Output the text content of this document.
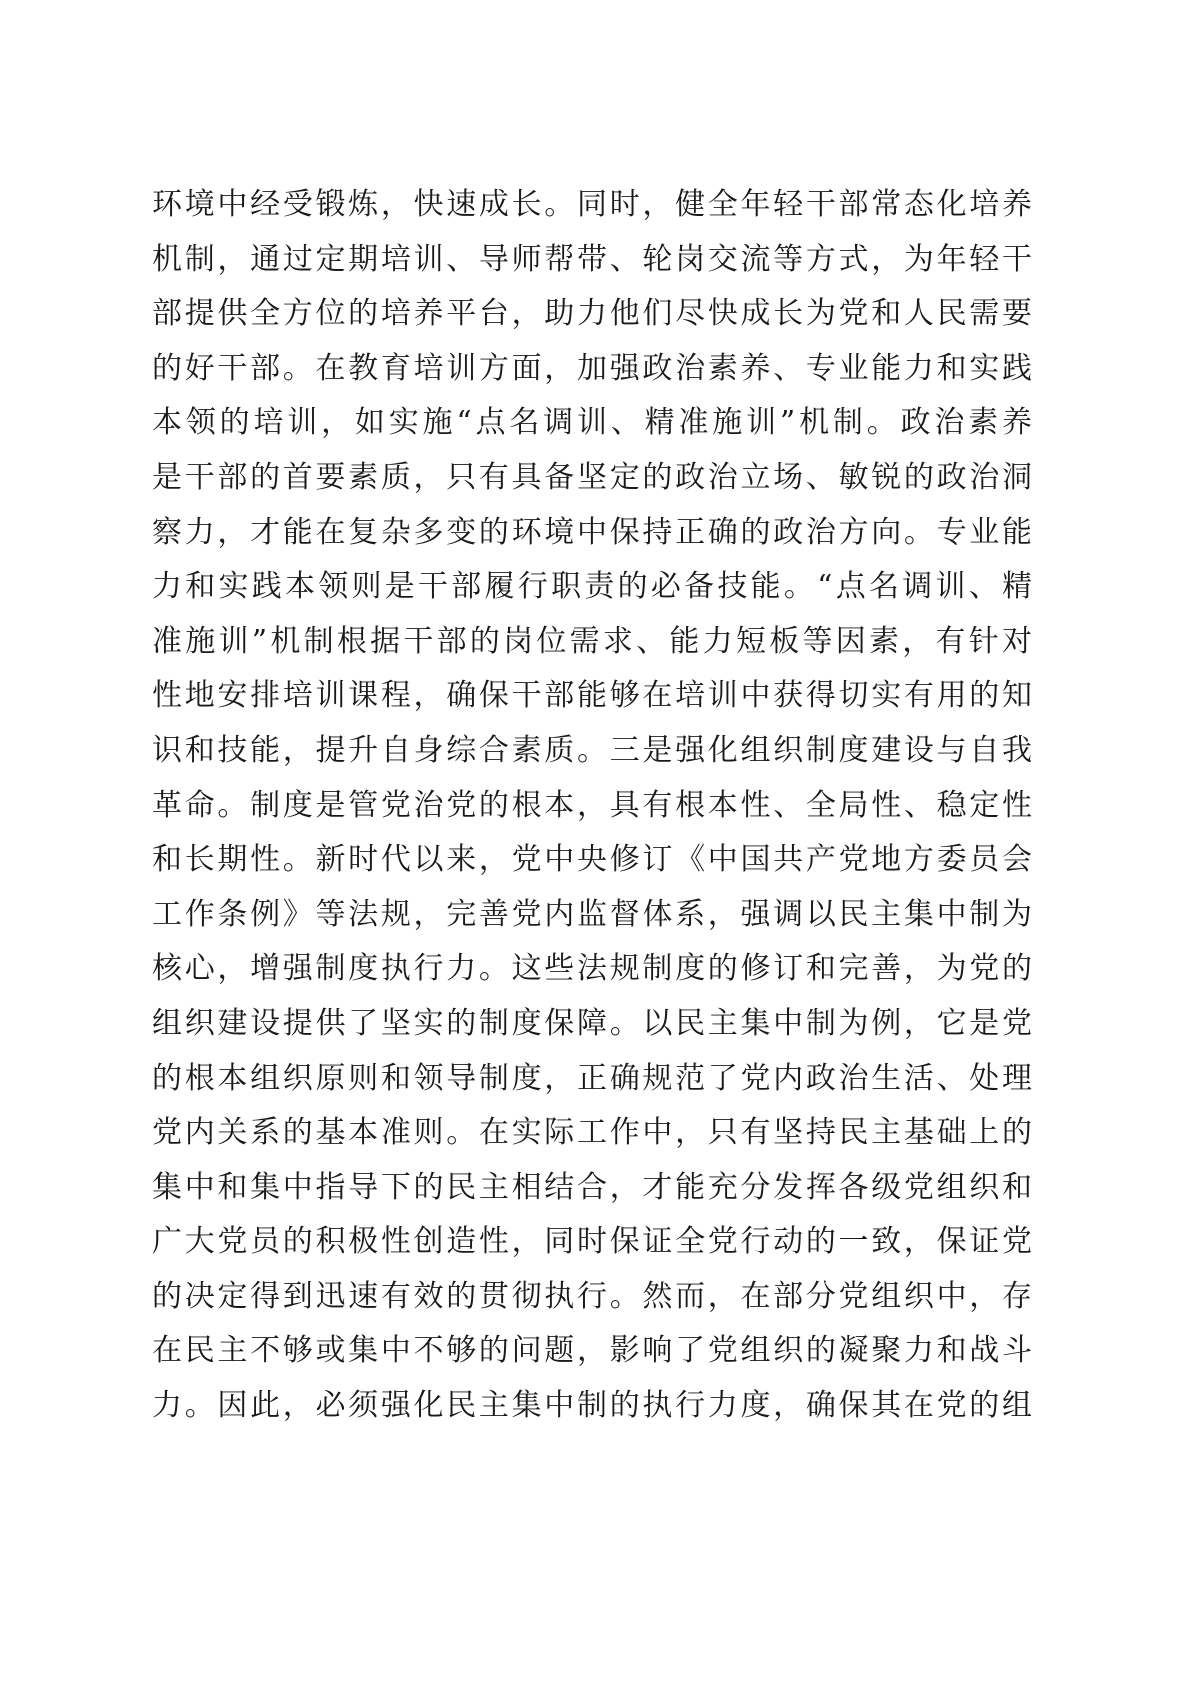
环境中经受锻炼，快速成长。同时，健全年轻干部常态化培养
机制，通过定期培训、导师帮带、轮岗交流等方式，为年轻干
部提供全方位的培养平台，助力他们尽快成长为党和人民需要
的好干部。在教育培训方面，加强政治素养、专业能力和实践
本领的培训，如实施“点名调训、精准施训”机制。政治素养
是干部的首要素质，只有具备坚定的政治立场、敏锐的政治洞
察力，才能在复杂多变的环境中保持正确的政治方向。专业能
力和实践本领则是干部履行职责的必备技能。“点名调训、精
准施训”机制根据干部的岗位需求、能力短板等因素，有针对
性地安排培训课程，确保干部能够在培训中获得切实有用的知
识和技能，提升自身综合素质。三是强化组织制度建设与自我
革命。制度是管党治党的根本，具有根本性、全局性、稳定性
和长期性。新时代以来，党中央修订《中国共产党地方委员会
工作条例》等法规，完善党内监督体系，强调以民主集中制为
核心，增强制度执行力。这些法规制度的修订和完善，为党的
组织建设提供了坚实的制度保障。以民主集中制为例，它是党
的根本组织原则和领导制度，正确规范了党内政治生活、处理
党内关系的基本准则。在实际工作中，只有坚持民主基础上的
集中和集中指导下的民主相结合，才能充分发挥各级党组织和
广大党员的积极性创造性，同时保证全党行动的一致，保证党
的决定得到迅速有效的贯彻执行。然而，在部分党组织中，存
在民主不够或集中不够的问题，影响了党组织的凝聚力和战斗
力。因此，必须强化民主集中制的执行力度，确保其在党的组
